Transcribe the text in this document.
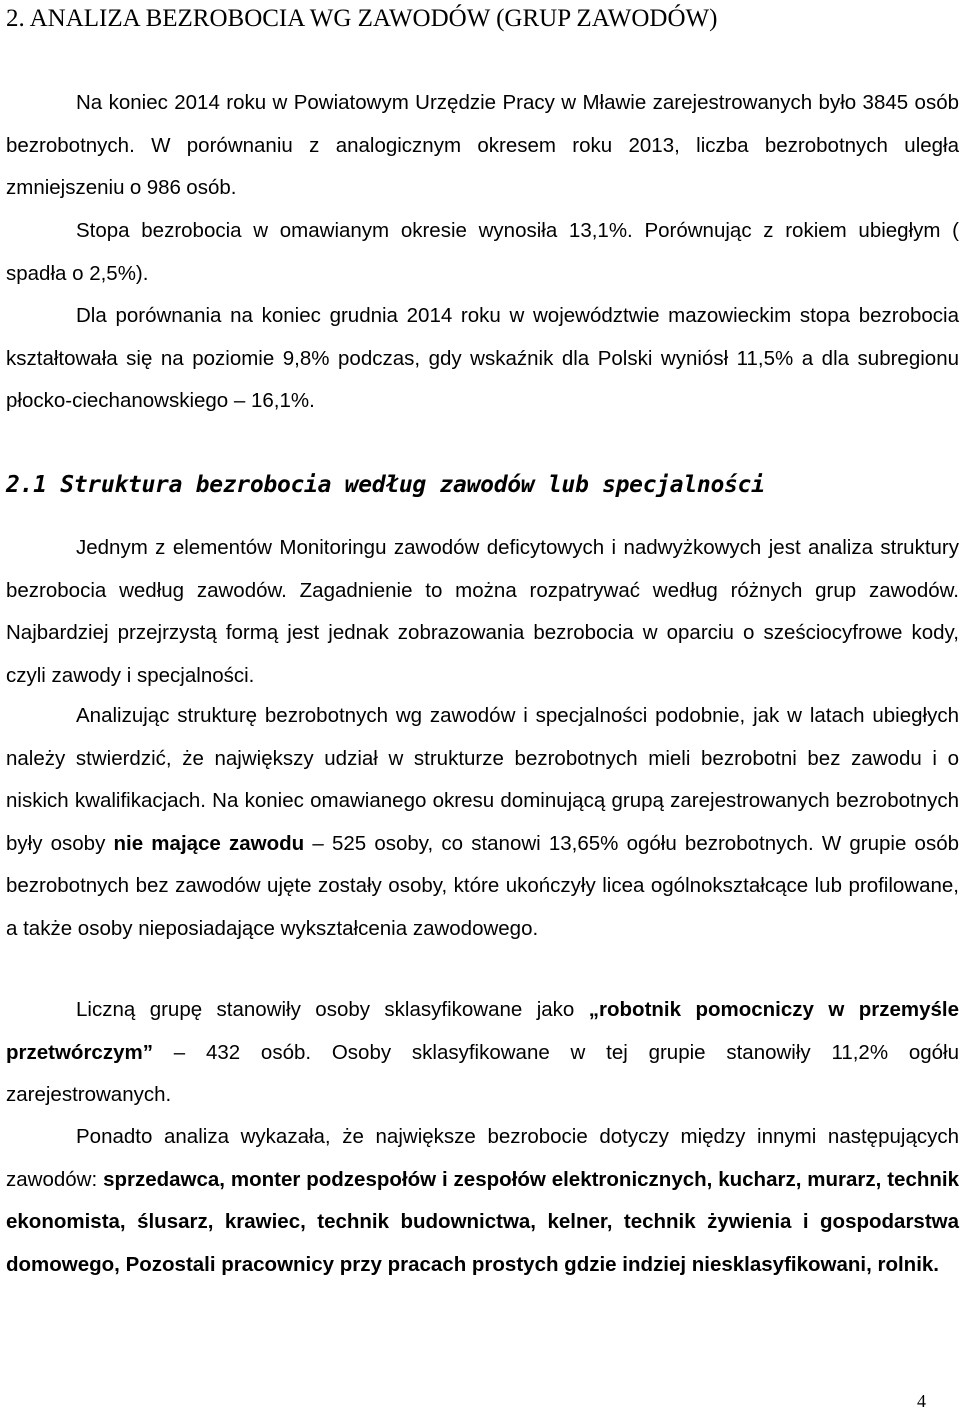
2. ANALIZA BEZROBOCIA WG ZAWODÓW (GRUP ZAWODÓW)
Na koniec 2014 roku w Powiatowym Urzędzie Pracy w Mławie zarejestrowanych było 3845 osób bezrobotnych. W porównaniu z analogicznym okresem roku 2013, liczba bezrobotnych uległa zmniejszeniu o 986 osób.
Stopa bezrobocia w omawianym okresie wynosiła 13,1%. Porównując z rokiem ubiegłym ( spadła o 2,5%).
Dla porównania na koniec grudnia 2014 roku w województwie mazowieckim stopa bezrobocia kształtowała się na poziomie 9,8% podczas, gdy wskaźnik dla Polski wyniósł 11,5% a dla subregionu płocko-ciechanowskiego – 16,1%.
2.1 Struktura bezrobocia według zawodów lub specjalności
Jednym z elementów Monitoringu zawodów deficytowych i nadwyżkowych jest analiza struktury bezrobocia według zawodów. Zagadnienie to można rozpatrywać według różnych grup zawodów. Najbardziej przejrzystą formą jest jednak zobrazowania bezrobocia w oparciu o sześciocyfrowe kody, czyli zawody i specjalności.
Analizując strukturę bezrobotnych wg zawodów i specjalności podobnie, jak w latach ubiegłych należy stwierdzić, że największy udział w strukturze bezrobotnych mieli bezrobotni bez zawodu i o niskich kwalifikacjach. Na koniec omawianego okresu dominującą grupą zarejestrowanych bezrobotnych były osoby nie mające zawodu – 525 osoby, co stanowi 13,65% ogółu bezrobotnych. W grupie osób bezrobotnych bez zawodów ujęte zostały osoby, które ukończyły licea ogólnokształcące lub profilowane, a także osoby nieposiadające wykształcenia zawodowego.
Liczną grupę stanowiły osoby sklasyfikowane jako „robotnik pomocniczy w przemyśle przetwórczym” – 432 osób. Osoby sklasyfikowane w tej grupie stanowiły 11,2% ogółu zarejestrowanych.
Ponadto analiza wykazała, że największe bezrobocie dotyczy między innymi następujących zawodów: sprzedawca, monter podzespołów i zespołów elektronicznych, kucharz, murarz, technik ekonomista, ślusarz, krawiec, technik budownictwa, kelner, technik żywienia i gospodarstwa domowego, Pozostali pracownicy przy pracach prostych gdzie indziej niesklasyfikowani, rolnik.
4
